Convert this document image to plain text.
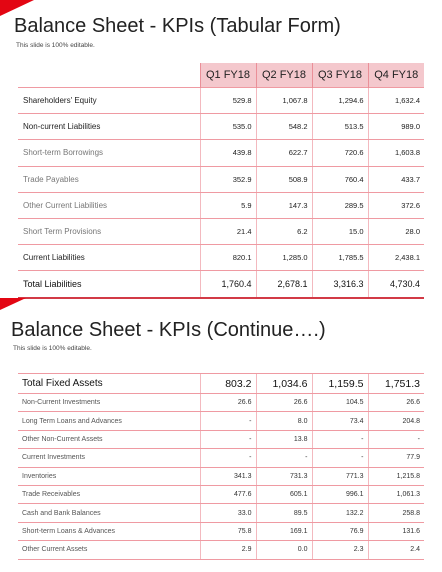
Balance Sheet - KPIs (Tabular Form)
This slide is 100% editable.
	Q1 FY18	Q2 FY18	Q3 FY18	Q4 FY18
Shareholders' Equity	529.8	1,067.8	1,294.6	1,632.4
Non-current Liabilities	535.0	548.2	513.5	989.0
Short-term Borrowings	439.8	622.7	720.6	1,603.8
Trade Payables	352.9	508.9	760.4	433.7
Other Current Liabilities	5.9	147.3	289.5	372.6
Short Term Provisions	21.4	6.2	15.0	28.0
Current Liabilities	820.1	1,285.0	1,785.5	2,438.1
Total Liabilities	1,760.4	2,678.1	3,316.3	4,730.4
Balance Sheet - KPIs (Continue….)
This slide is 100% editable.
Total Fixed Assets	803.2	1,034.6	1,159.5	1,751.3
Non-Current Investments	26.6	26.6	104.5	26.6
Long Term Loans and Advances	-	8.0	73.4	204.8
Other Non-Current Assets	-	13.8	-	-
Current Investments	-	-	-	77.9
Inventories	341.3	731.3	771.3	1,215.8
Trade Receivables	477.6	605.1	996.1	1,061.3
Cash and Bank Balances	33.0	89.5	132.2	258.8
Short-term Loans & Advances	75.8	169.1	76.9	131.6
Other Current Assets	2.9	0.0	2.3	2.4
